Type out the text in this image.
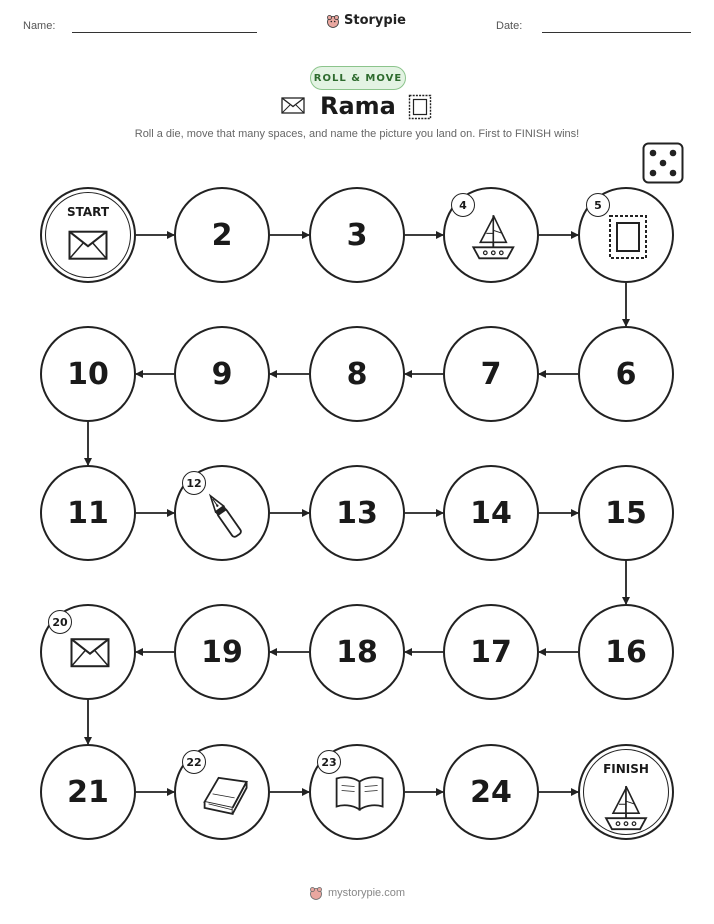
Name:	Storypie	Date:
ROLL & MOVE
Rama
Roll a die, move that many spaces, and name the picture you land on. First to FINISH wins!
START
2	3
4	5
6
7
8
9
10
11
12
13	14	15
16
17
18
19
20
21
22	23
24
FINISH
mystorypie.com
